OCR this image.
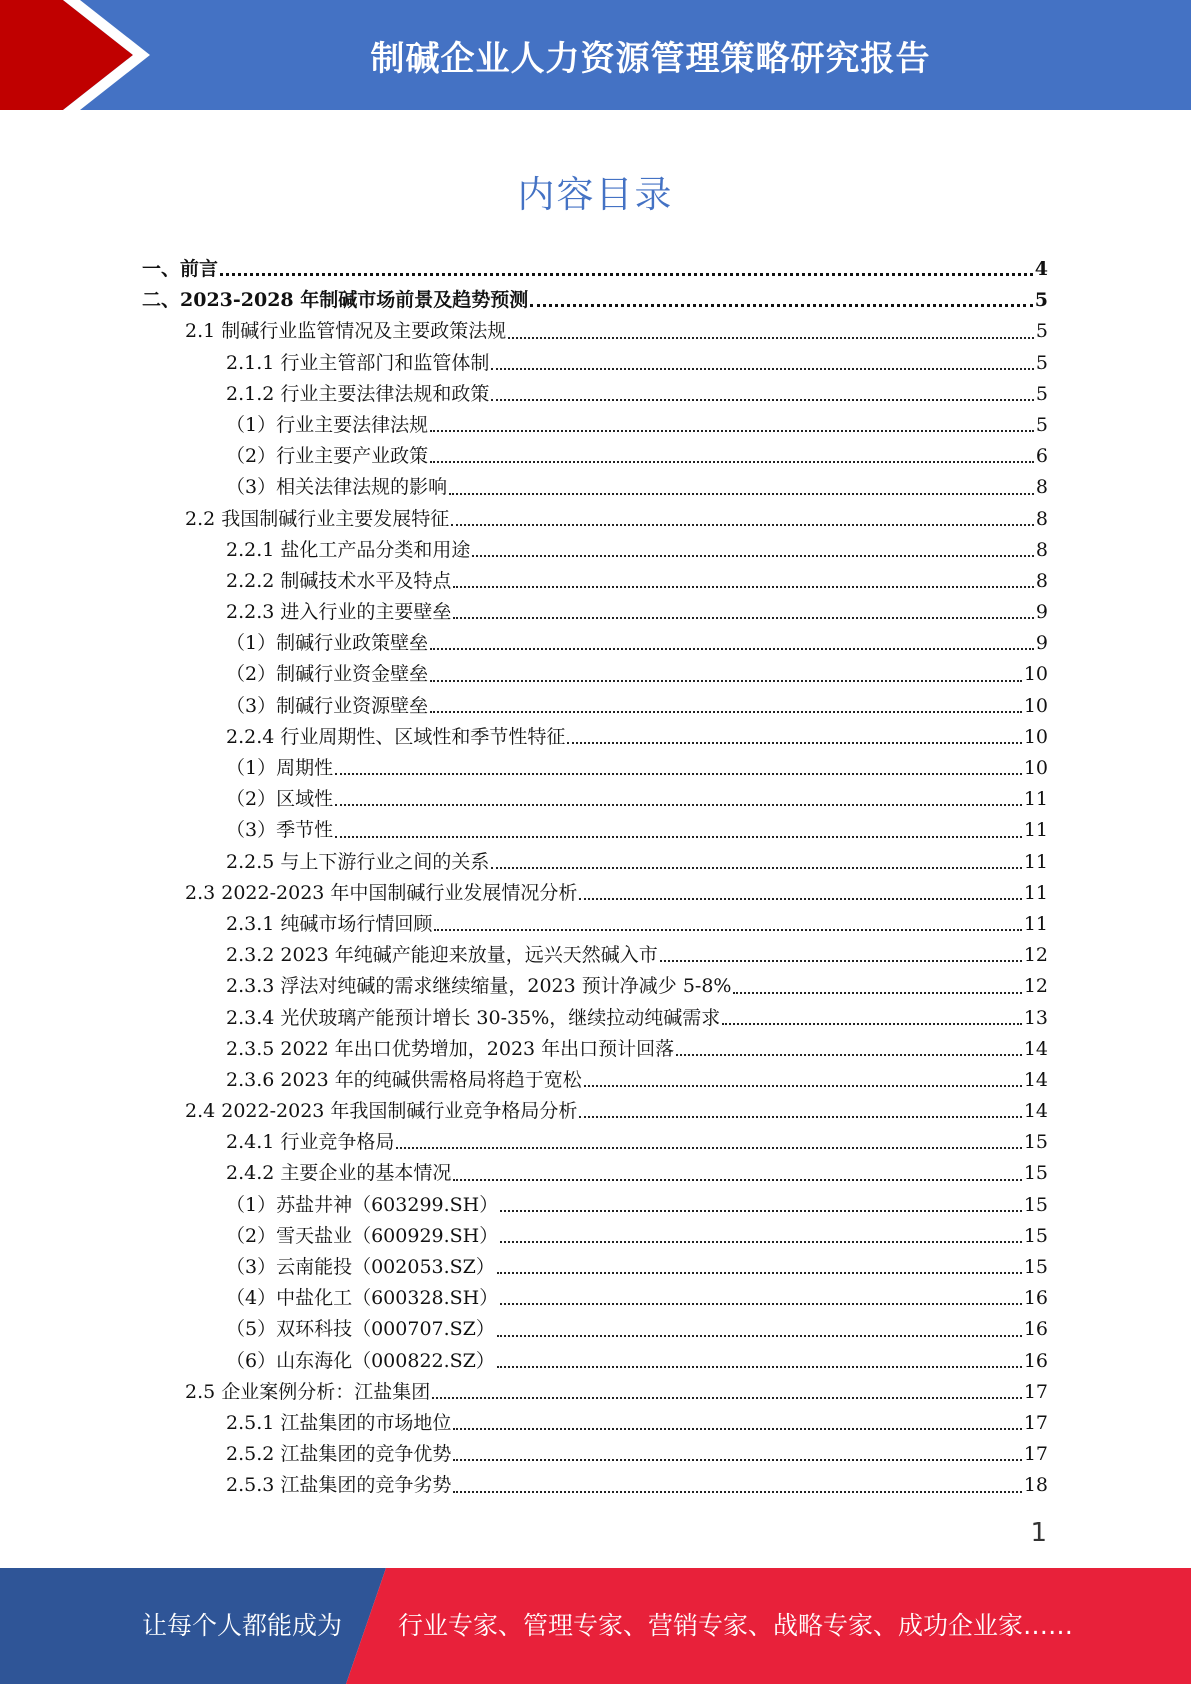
制碱企业人力资源管理策略研究报告
内容目录
一、前言	4
二、2023-2028 年制碱市场前景及趋势预测	5
2.1 制碱行业监管情况及主要政策法规	5
2.1.1 行业主管部门和监管体制	5
2.1.2 行业主要法律法规和政策	5
（1）行业主要法律法规	5
（2）行业主要产业政策	6
（3）相关法律法规的影响	8
2.2 我国制碱行业主要发展特征	8
2.2.1 盐化工产品分类和用途	8
2.2.2 制碱技术水平及特点	8
2.2.3 进入行业的主要壁垒	9
（1）制碱行业政策壁垒	9
（2）制碱行业资金壁垒	10
（3）制碱行业资源壁垒	10
2.2.4 行业周期性、区域性和季节性特征	10
（1）周期性	10
（2）区域性	11
（3）季节性	11
2.2.5 与上下游行业之间的关系	11
2.3 2022-2023 年中国制碱行业发展情况分析	11
2.3.1 纯碱市场行情回顾	11
2.3.2 2023 年纯碱产能迎来放量，远兴天然碱入市	12
2.3.3 浮法对纯碱的需求继续缩量，2023 预计净减少 5-8%	12
2.3.4 光伏玻璃产能预计增长 30-35%，继续拉动纯碱需求	13
2.3.5 2022 年出口优势增加，2023 年出口预计回落	14
2.3.6 2023 年的纯碱供需格局将趋于宽松	14
2.4 2022-2023 年我国制碱行业竞争格局分析	14
2.4.1 行业竞争格局	15
2.4.2 主要企业的基本情况	15
（1）苏盐井神（603299.SH）	15
（2）雪天盐业（600929.SH）	15
（3）云南能投（002053.SZ）	15
（4）中盐化工（600328.SH）	16
（5）双环科技（000707.SZ）	16
（6）山东海化（000822.SZ）	16
2.5 企业案例分析：江盐集团	17
2.5.1 江盐集团的市场地位	17
2.5.2 江盐集团的竞争优势	17
2.5.3 江盐集团的竞争劣势	18
1
让每个人都能成为 行业专家、管理专家、营销专家、战略专家、成功企业家……
